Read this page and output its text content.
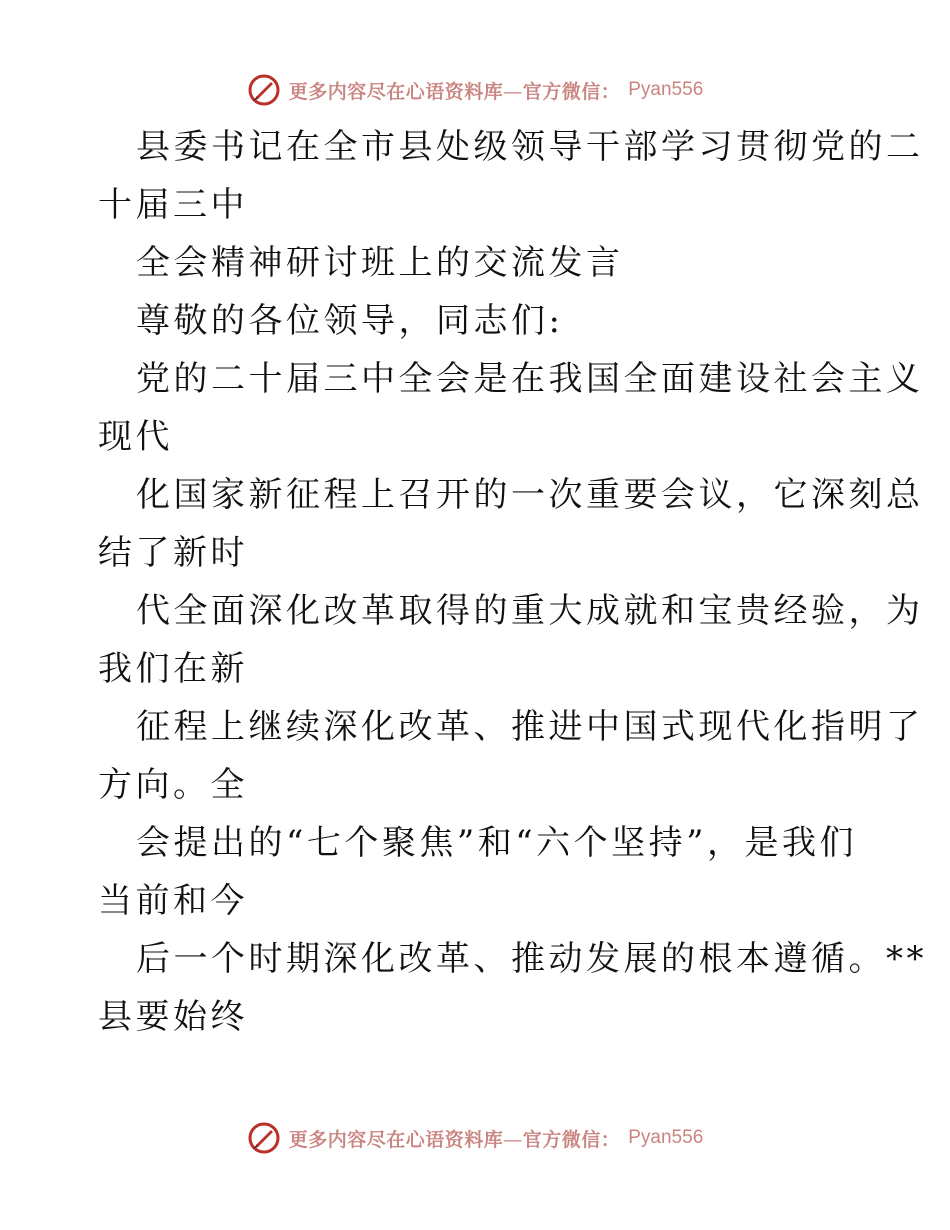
更多内容尽在心语资料库—官方微信： Pyan556
县委书记在全市县处级领导干部学习贯彻党的二
十届三中
全会精神研讨班上的交流发言
尊敬的各位领导，同志们:
党的二十届三中全会是在我国全面建设社会主义
现代
化国家新征程上召开的一次重要会议，它深刻总
结了新时
代全面深化改革取得的重大成就和宝贵经验，为
我们在新
征程上继续深化改革、推进中国式现代化指明了
方向。全
会提出的“七个聚焦”和“六个坚持”，是我们
当前和今
后一个时期深化改革、推动发展的根本遵循。**
县要始终
更多内容尽在心语资料库—官方微信： Pyan556
